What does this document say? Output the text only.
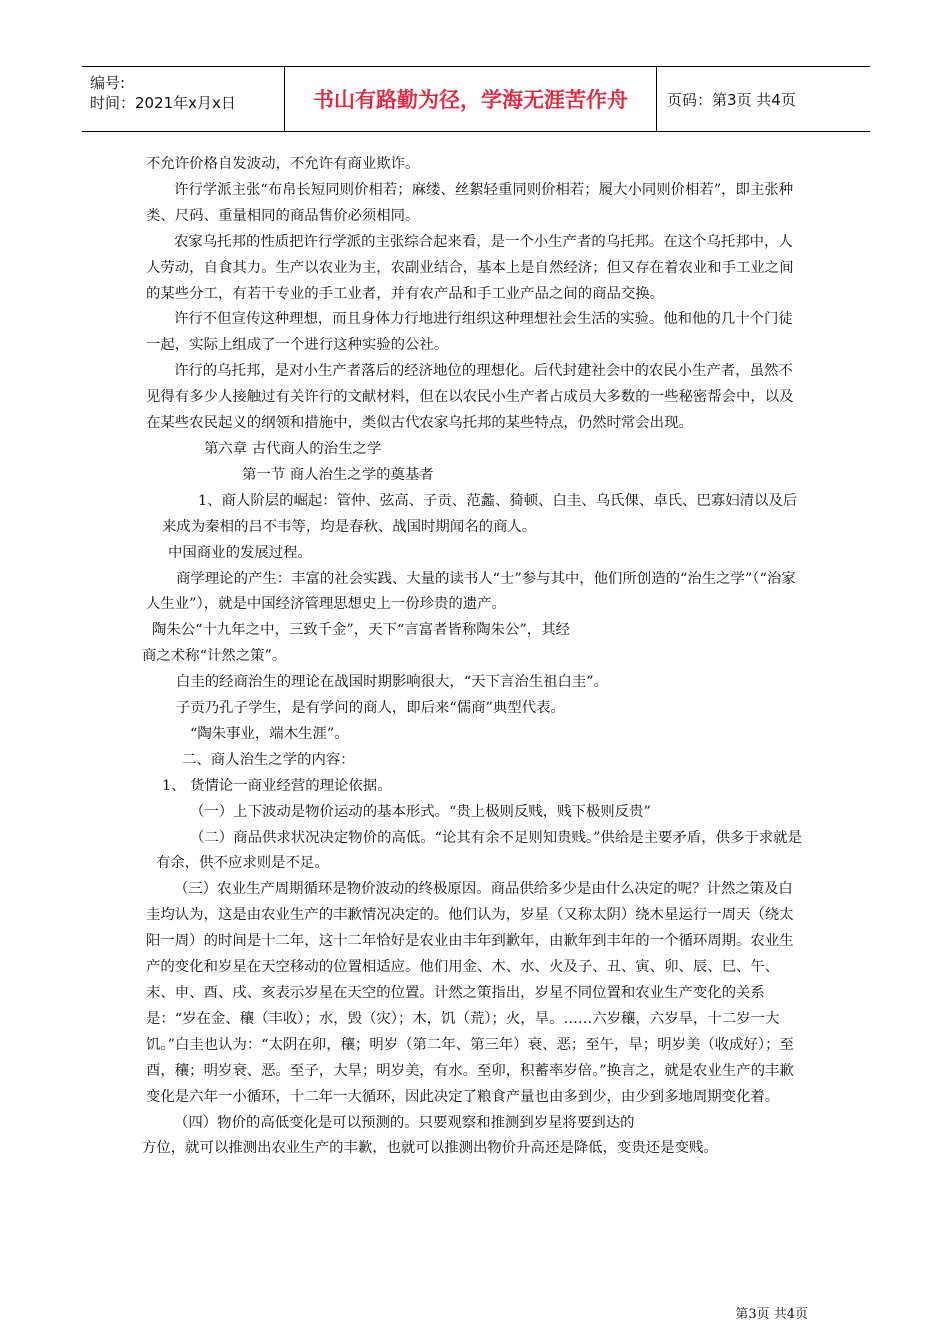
编号:
时间：2021年x月x日	书山有路勤为径，学海无涯苦作舟	页码：第3页 共4页

不允许价格自发波动，不允许有商业欺诈。

许行学派主张“布帛长短同则价相若；麻缕、丝絮轻重同则价相若；履大小同则价相若”，即主张种类、尺码、重量相同的商品售价必须相同。

农家乌托邦的性质把许行学派的主张综合起来看，是一个小生产者的乌托邦。在这个乌托邦中，人人劳动，自食其力。生产以农业为主，农副业结合，基本上是自然经济；但又存在着农业和手工业之间的某些分工，有若干专业的手工业者，并有农产品和手工业产品之间的商品交换。

许行不但宣传这种理想，而且身体力行地进行组织这种理想社会生活的实验。他和他的几十个门徒一起，实际上组成了一个进行这种实验的公社。

许行的乌托邦，是对小生产者落后的经济地位的理想化。后代封建社会中的农民小生产者，虽然不见得有多少人接触过有关许行的文献材料，但在以农民小生产者占成员大多数的一些秘密帮会中，以及在某些农民起义的纲领和措施中，类似古代农家乌托邦的某些特点，仍然时常会出现。

第六章 古代商人的治生之学

第一节 商人治生之学的奠基者

1、商人阶层的崛起：管仲、弦高、子贡、范蠡、猗顿、白圭、乌氏倮、卓氏、巴寡妇清以及后来成为秦相的吕不韦等，均是春秋、战国时期闻名的商人。

中国商业的发展过程。

商学理论的产生：丰富的社会实践、大量的读书人“士”参与其中，他们所创造的“治生之学”（“治家人生业”），就是中国经济管理思想史上一份珍贵的遗产。

陶朱公“十九年之中，三致千金”，天下“言富者皆称陶朱公”，其经

商之术称“计然之策”。

白圭的经商治生的理论在战国时期影响很大，“天下言治生祖白圭”。

子贡乃孔子学生，是有学问的商人，即后来“儒商”典型代表。

“陶朱事业，端木生涯”。

二、商人治生之学的内容：

1、 货情论一商业经营的理论依据。

（一）上下波动是物价运动的基本形式。“贵上极则反贱，贱下极则反贵”

（二）商品供求状况决定物价的高低。“论其有余不足则知贵贱。”供给是主要矛盾，供多于求就是有余，供不应求则是不足。

（三）农业生产周期循环是物价波动的终极原因。商品供给多少是由什么决定的呢？计然之策及白圭均认为，这是由农业生产的丰歉情况决定的。他们认为，岁星（又称太阴）绕木星运行一周天（绕太阳一周）的时间是十二年，这十二年恰好是农业由丰年到歉年，由歉年到丰年的一个循环周期。农业生产的变化和岁星在天空移动的位置相适应。他们用金、木、水、火及子、丑、寅、卯、辰、巳、午、未、申、酉、戌、亥表示岁星在天空的位置。计然之策指出，岁星不同位置和农业生产变化的关系是：“岁在金、穰（丰收）；水，毁（灾）；木，饥（荒）；火，旱。……六岁穰，六岁旱，十二岁一大饥。”白圭也认为：“太阴在卯，穰；明岁（第二年、第三年）衰、恶；至午，旱；明岁美（收成好）；至酉，穰；明岁衰、恶。至子，大旱；明岁美，有水。至卯，积蓄率岁倍。”换言之，就是农业生产的丰歉变化是六年一小循环，十二年一大循环，因此决定了粮食产量也由多到少，由少到多地周期变化着。

（四）物价的高低变化是可以预测的。只要观察和推测到岁星将要到达的

方位，就可以推测出农业生产的丰歉，也就可以推测出物价升高还是降低，变贵还是变贱。

第3页 共4页
